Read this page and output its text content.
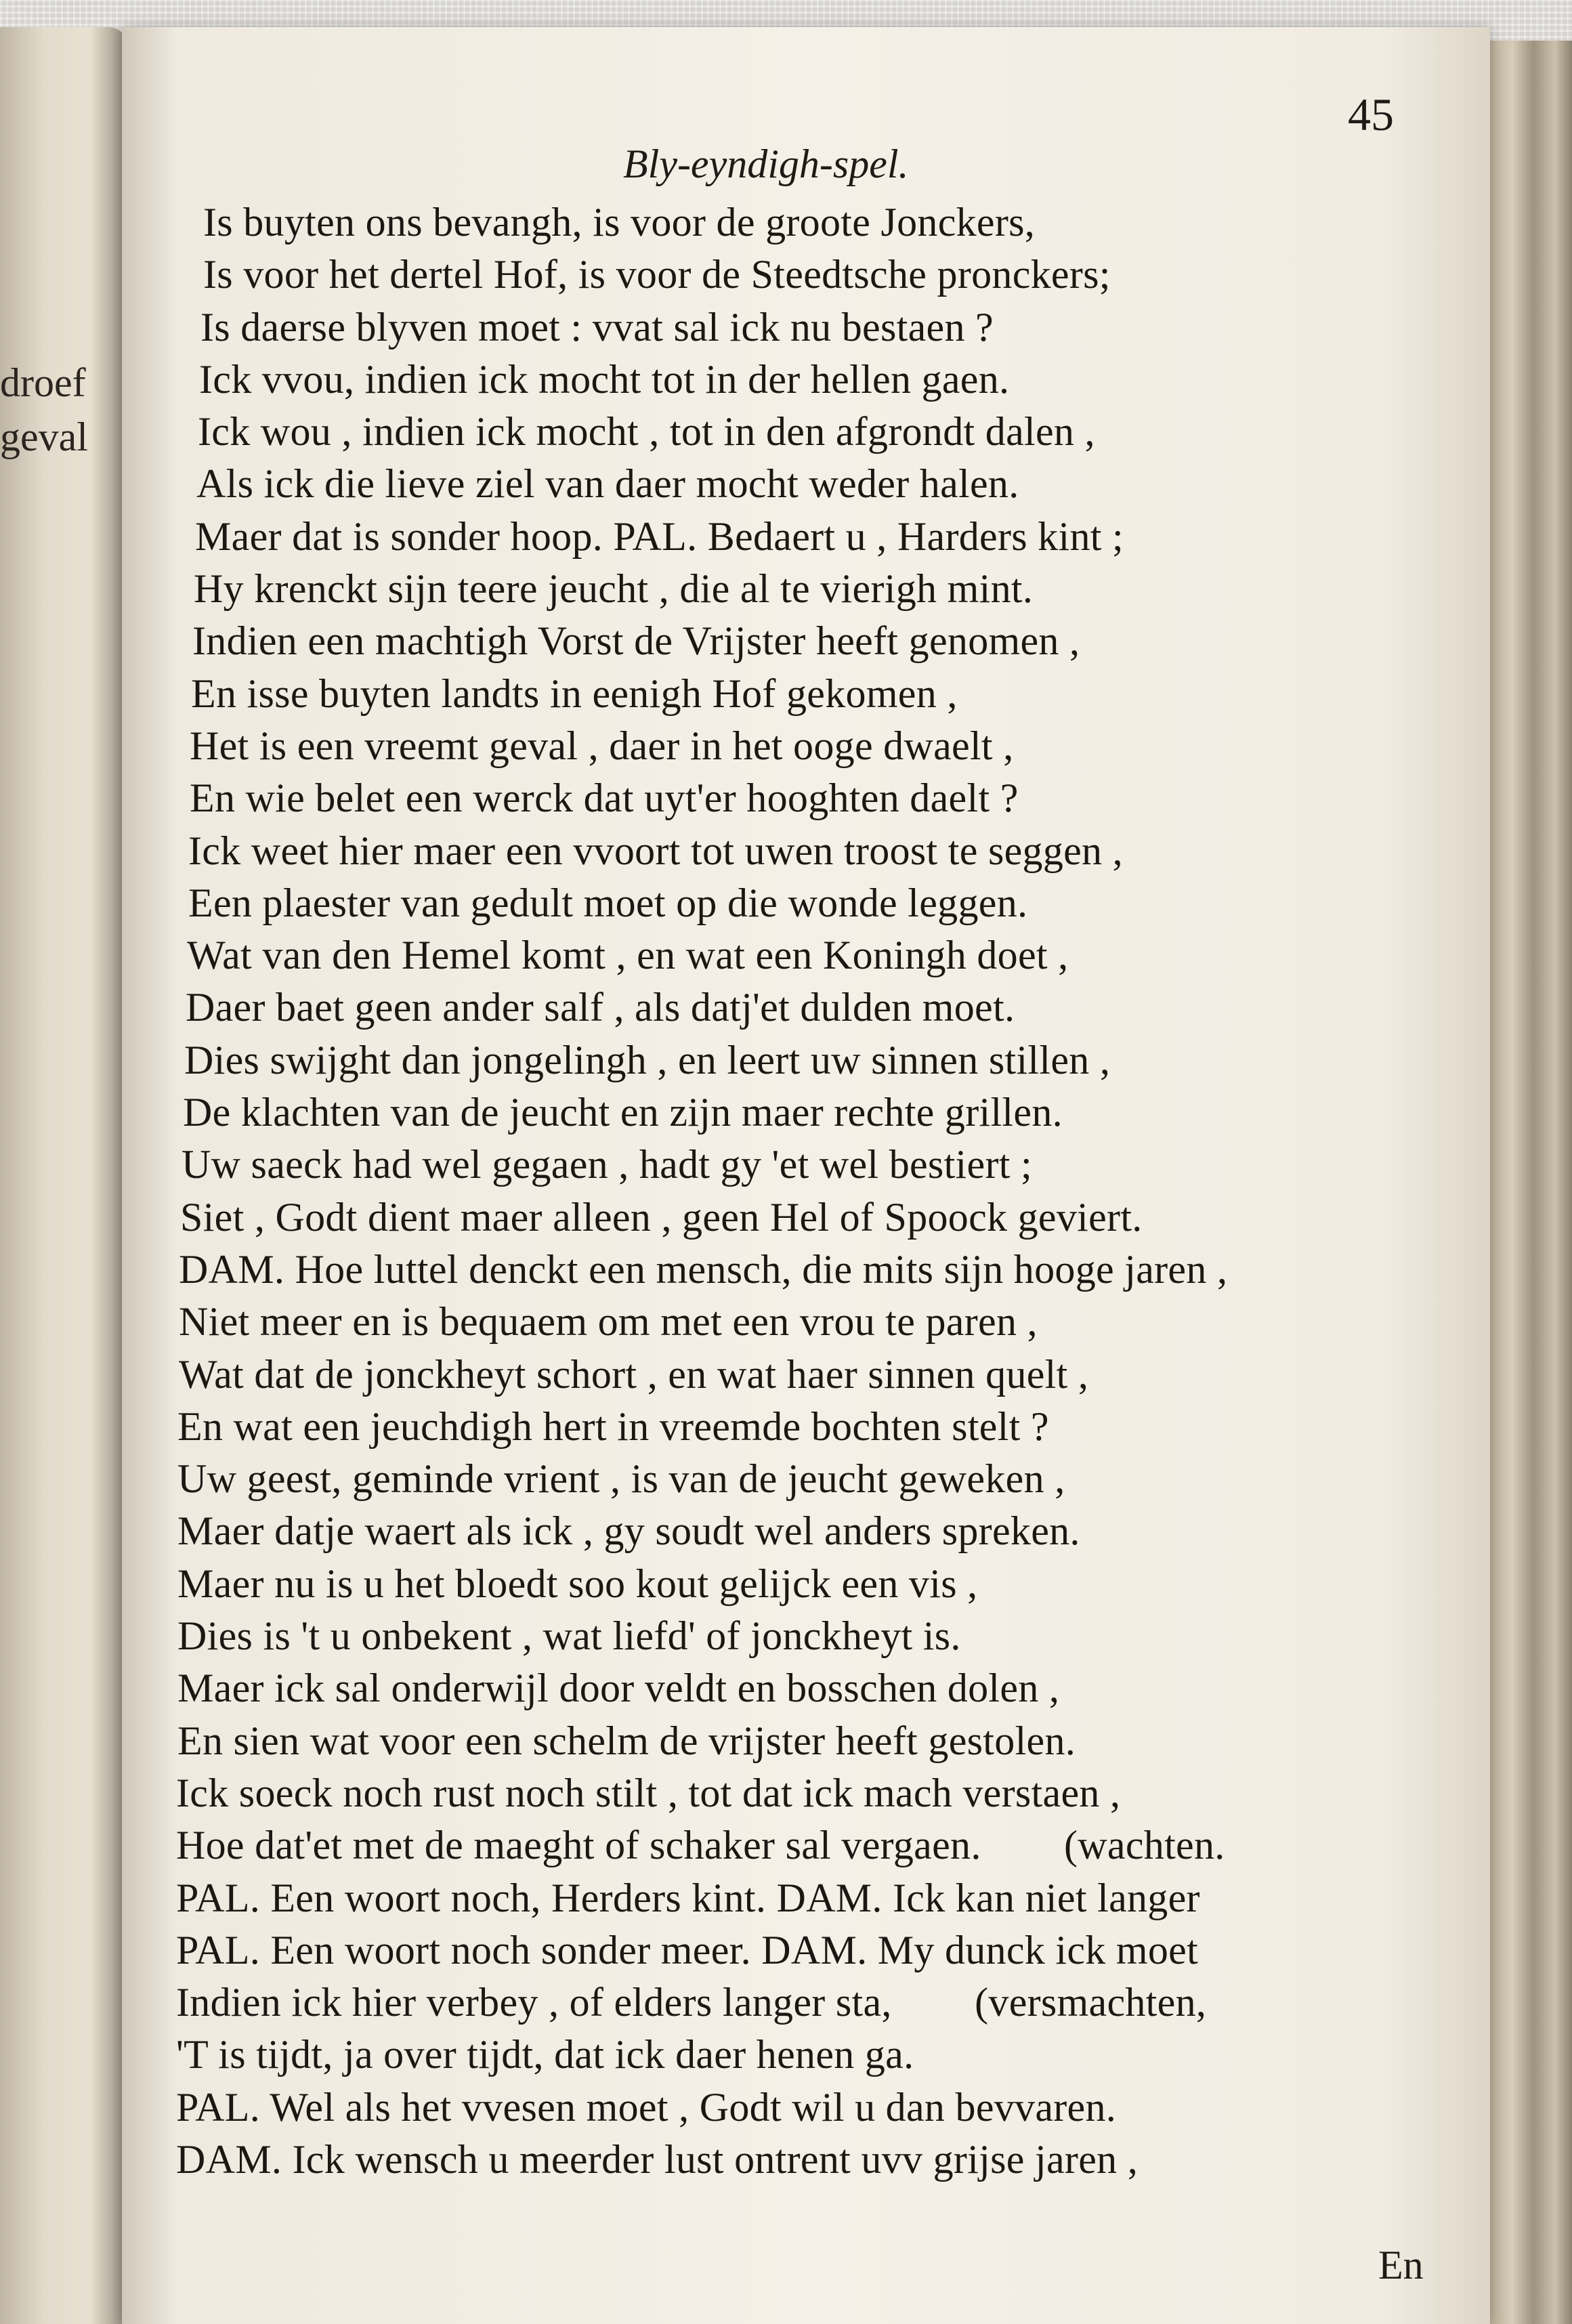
droef
geval
Bly-eyndigh-spel.
45
Is buyten ons bevangh, is voor de groote Jonckers,
Is voor het dertel Hof, is voor de Steedtsche pronckers;
Is daerse blyven moet : vvat sal ick nu bestaen ?
Ick vvou, indien ick mocht tot in der hellen gaen.
Ick wou , indien ick mocht , tot in den afgrondt dalen ,
Als ick die lieve ziel van daer mocht weder halen.
Maer dat is sonder hoop. PAL. Bedaert u , Harders kint ;
Hy krenckt sijn teere jeucht , die al te vierigh mint.
Indien een machtigh Vorst de Vrijster heeft genomen ,
En isse buyten landts in eenigh Hof gekomen ,
Het is een vreemt geval , daer in het ooge dwaelt ,
En wie belet een werck dat uyt'er hooghten daelt ?
Ick weet hier maer een vvoort tot uwen troost te seggen ,
Een plaester van gedult moet op die wonde leggen.
Wat van den Hemel komt , en wat een Koningh doet ,
Daer baet geen ander salf , als datj'et dulden moet.
Dies swijght dan jongelingh , en leert uw sinnen stillen ,
De klachten van de jeucht en zijn maer rechte grillen.
Uw saeck had wel gegaen , hadt gy 'et wel bestiert ;
Siet , Godt dient maer alleen , geen Hel of Spoock geviert.
DAM. Hoe luttel denckt een mensch, die mits sijn hooge jaren ,
Niet meer en is bequaem om met een vrou te paren ,
Wat dat de jonckheyt schort , en wat haer sinnen quelt ,
En wat een jeuchdigh hert in vreemde bochten stelt ?
Uw geest, geminde vrient , is van de jeucht geweken ,
Maer datje waert als ick , gy soudt wel anders spreken.
Maer nu is u het bloedt soo kout gelijck een vis ,
Dies is 't u onbekent , wat liefd' of jonckheyt is.
Maer ick sal onderwijl door veldt en bosschen dolen ,
En sien wat voor een schelm de vrijster heeft gestolen.
Ick soeck noch rust noch stilt , tot dat ick mach verstaen ,
Hoe dat'et met de maeght of schaker sal vergaen.        (wachten.
PAL. Een woort noch, Herders kint. DAM. Ick kan niet langer
PAL. Een woort noch sonder meer. DAM. My dunck ick moet
Indien ick hier verbey , of elders langer sta,        (versmachten,
'T is tijdt, ja over tijdt, dat ick daer henen ga.
PAL. Wel als het vvesen moet , Godt wil u dan bevvaren.
DAM. Ick wensch u meerder lust ontrent uvv grijse jaren ,
En
